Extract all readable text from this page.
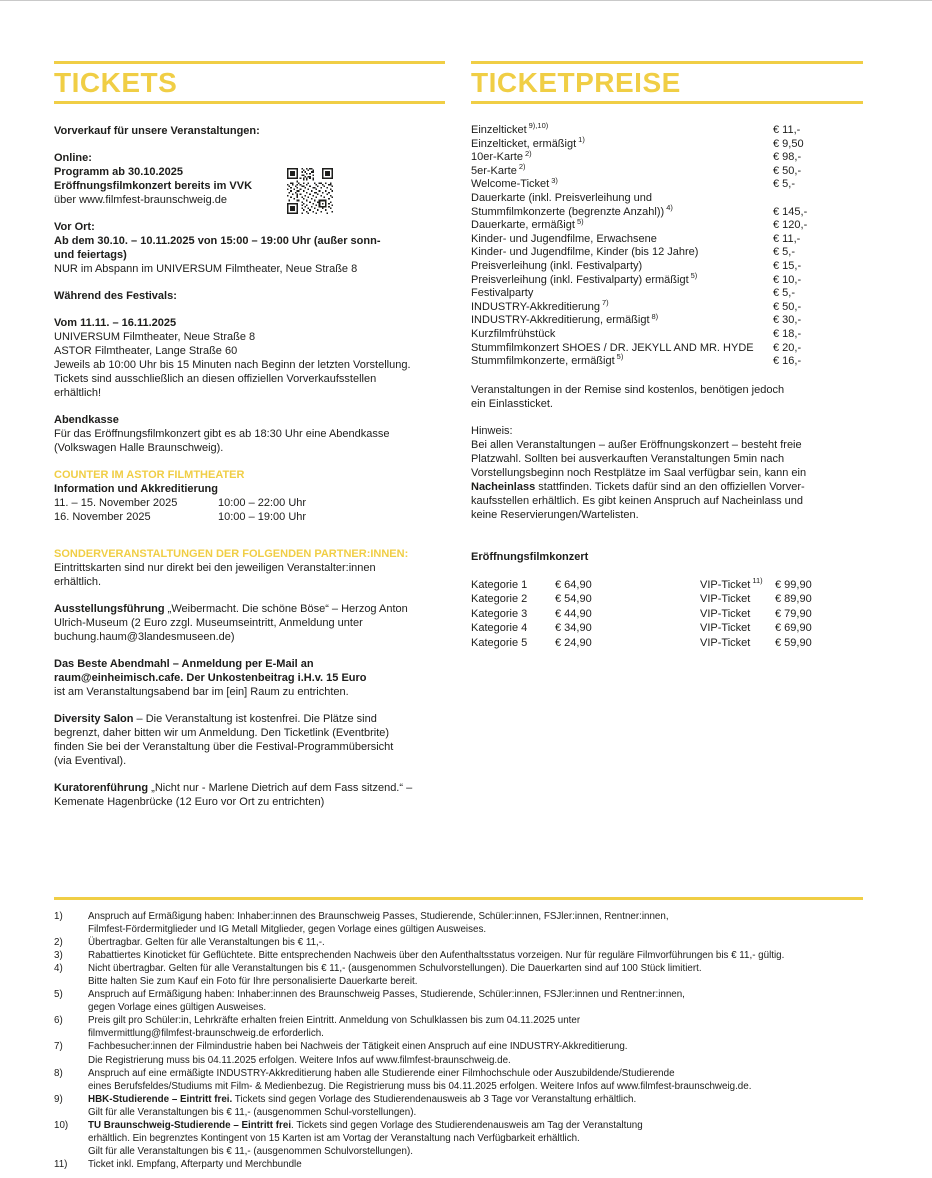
TICKETS
Vorverkauf für unsere Veranstaltungen:
Online:
Programm ab 30.10.2025
Eröffnungsfilmkonzert bereits im VVK
über www.filmfest-braunschweig.de
Vor Ort:
Ab dem 30.10. – 10.11.2025 von 15:00 – 19:00 Uhr (außer sonn-
und feiertags)
NUR im Abspann im UNIVERSUM Filmtheater, Neue Straße 8
Während des Festivals:
Vom 11.11. – 16.11.2025
UNIVERSUM Filmtheater, Neue Straße 8
ASTOR Filmtheater, Lange Straße 60
Jeweils ab 10:00 Uhr bis 15 Minuten nach Beginn der letzten Vorstellung.
Tickets sind ausschließlich an diesen offiziellen Vorverkaufsstellen
erhältlich!
Abendkasse
Für das Eröffnungsfilmkonzert gibt es ab 18:30 Uhr eine Abendkasse
(Volkswagen Halle Braunschweig).
COUNTER IM ASTOR FILMTHEATER
Information und Akkreditierung
11. – 15. November 2025	10:00 – 22:00 Uhr
16. November 2025	10:00 – 19:00 Uhr
SONDERVERANSTALTUNGEN DER FOLGENDEN PARTNER:INNEN:
Eintrittskarten sind nur direkt bei den jeweiligen Veranstalter:innen
erhältlich.
Ausstellungsführung „Weibermacht. Die schöne Böse“ – Herzog Anton
Ulrich-Museum (2 Euro zzgl. Museumseintritt, Anmeldung unter
buchung.haum@3landesmuseen.de)
Das Beste Abendmahl – Anmeldung per E-Mail an
raum@einheimisch.cafe. Der Unkostenbeitrag i.H.v. 15 Euro
ist am Veranstaltungsabend bar im [ein] Raum zu entrichten.
Diversity Salon – Die Veranstaltung ist kostenfrei. Die Plätze sind
begrenzt, daher bitten wir um Anmeldung. Den Ticketlink (Eventbrite)
finden Sie bei der Veranstaltung über die Festival-Programmübersicht
(via Eventival).
Kuratorenführung „Nicht nur - Marlene Dietrich auf dem Fass sitzend.“ –
Kemenate Hagenbrücke (12 Euro vor Ort zu entrichten)
TICKETPREISE
Einzelticket $^{9),10)}$	€ 11,-
Einzelticket, ermäßigt $^{1)}$	€ 9,50
10er-Karte $^{2)}$	€ 98,-
5er-Karte $^{2)}$	€ 50,-
Welcome-Ticket $^{3)}$	€ 5,-
Dauerkarte (inkl. Preisverleihung und
Stummfilmkonzerte (begrenzte Anzahl)) $^{4)}$	€ 145,-
Dauerkarte, ermäßigt $^{5)}$	€ 120,-
Kinder- und Jugendfilme, Erwachsene	€ 11,-
Kinder- und Jugendfilme, Kinder (bis 12 Jahre)	€ 5,-
Preisverleihung (inkl. Festivalparty)	€ 15,-
Preisverleihung (inkl. Festivalparty) ermäßigt $^{5)}$	€ 10,-
Festivalparty	€ 5,-
INDUSTRY-Akkreditierung $^{7)}$	€ 50,-
INDUSTRY-Akkreditierung, ermäßigt $^{8)}$	€ 30,-
Kurzfilmfrühstück	€ 18,-
Stummfilmkonzert SHOES / DR. JEKYLL AND MR. HYDE	€ 20,-
Stummfilmkonzerte, ermäßigt $^{5)}$	€ 16,-
Veranstaltungen in der Remise sind kostenlos, benötigen jedoch
ein Einlassticket.
Hinweis:
Bei allen Veranstaltungen – außer Eröffnungskonzert – besteht freie
Platzwahl. Sollten bei ausverkauften Veranstaltungen 5min nach
Vorstellungsbeginn noch Restplätze im Saal verfügbar sein, kann ein
Nacheinlass stattfinden. Tickets dafür sind an den offiziellen Vorver-
kaufsstellen erhältlich. Es gibt keinen Anspruch auf Nacheinlass und
keine Reservierungen/Wartelisten.
Eröffnungsfilmkonzert
Kategorie 1	€ 64,90	VIP-Ticket $^{11)}$	€ 99,90
Kategorie 2	€ 54,90	VIP-Ticket	€ 89,90
Kategorie 3	€ 44,90	VIP-Ticket	€ 79,90
Kategorie 4	€ 34,90	VIP-Ticket	€ 69,90
Kategorie 5	€ 24,90	VIP-Ticket	€ 59,90
1)	Anspruch auf Ermäßigung haben: Inhaber:innen des Braunschweig Passes, Studierende, Schüler:innen, FSJler:innen, Rentner:innen,
Filmfest-Fördermitglieder und IG Metall Mitglieder, gegen Vorlage eines gültigen Ausweises.
2)	Übertragbar. Gelten für alle Veranstaltungen bis € 11,-.
3)	Rabattiertes Kinoticket für Geflüchtete. Bitte entsprechenden Nachweis über den Aufenthaltsstatus vorzeigen. Nur für reguläre Filmvorführungen bis € 11,- gültig.
4)	Nicht übertragbar. Gelten für alle Veranstaltungen bis € 11,- (ausgenommen Schulvorstellungen). Die Dauerkarten sind auf 100 Stück limitiert.
Bitte halten Sie zum Kauf ein Foto für Ihre personalisierte Dauerkarte bereit.
5)	Anspruch auf Ermäßigung haben: Inhaber:innen des Braunschweig Passes, Studierende, Schüler:innen, FSJler:innen und Rentner:innen,
gegen Vorlage eines gültigen Ausweises.
6)	Preis gilt pro Schüler:in, Lehrkräfte erhalten freien Eintritt. Anmeldung von Schulklassen bis zum 04.11.2025 unter
filmvermittlung@filmfest-braunschweig.de erforderlich.
7)	Fachbesucher:innen der Filmindustrie haben bei Nachweis der Tätigkeit einen Anspruch auf eine INDUSTRY-Akkreditierung.
Die Registrierung muss bis 04.11.2025 erfolgen. Weitere Infos auf www.filmfest-braunschweig.de.
8)	Anspruch auf eine ermäßigte INDUSTRY-Akkreditierung haben alle Studierende einer Filmhochschule oder Auszubildende/Studierende
eines Berufsfeldes/Studiums mit Film- & Medienbezug. Die Registrierung muss bis 04.11.2025 erfolgen. Weitere Infos auf www.filmfest-braunschweig.de.
9)	HBK-Studierende – Eintritt frei. Tickets sind gegen Vorlage des Studierendenausweis ab 3 Tage vor Veranstaltung erhältlich.
Gilt für alle Veranstaltungen bis € 11,- (ausgenommen Schul-vorstellungen).
10)	TU Braunschweig-Studierende – Eintritt frei. Tickets sind gegen Vorlage des Studierendenausweis am Tag der Veranstaltung
erhältlich. Ein begrenztes Kontingent von 15 Karten ist am Vortag der Veranstaltung nach Verfügbarkeit erhältlich.
Gilt für alle Veranstaltungen bis € 11,- (ausgenommen Schulvorstellungen).
11)	Ticket inkl. Empfang, Afterparty und Merchbundle
